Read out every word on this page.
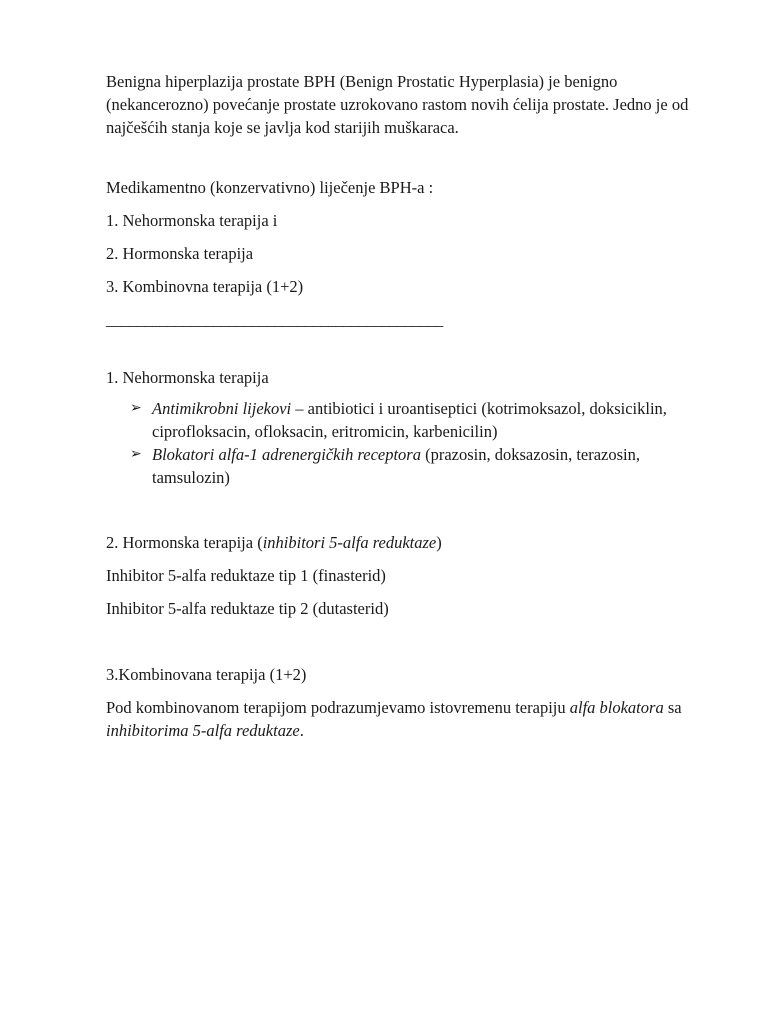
Benigna hiperplazija prostate BPH (Benign Prostatic Hyperplasia) je benigno (nekancerozno) povećanje prostate uzrokovano rastom novih ćelija prostate. Jedno je od najčešćih stanja koje se javlja kod starijih muškaraca.

Medikamentno (konzervativno) liječenje BPH-a :

1. Nehormonska terapija i

2. Hormonska terapija

3. Kombinovna terapija (1+2)

____________________________________________

1. Nehormonska terapija

➢ Antimikrobni lijekovi – antibiotici i uroantiseptici (kotrimoksazol, doksiciklin, ciprofloksacin, ofloksacin, eritromicin, karbenicilin)
➢ Blokatori alfa-1 adrenergičkih receptora (prazosin, doksazosin, terazosin, tamsulozin)

2. Hormonska terapija (inhibitori 5-alfa reduktaze)

Inhibitor 5-alfa reduktaze tip 1 (finasterid)

Inhibitor 5-alfa reduktaze tip 2 (dutasterid)

3.Kombinovana terapija (1+2)

Pod kombinovanom terapijom podrazumjevamo istovremenu terapiju alfa blokatora sa inhibitorima 5-alfa reduktaze.
